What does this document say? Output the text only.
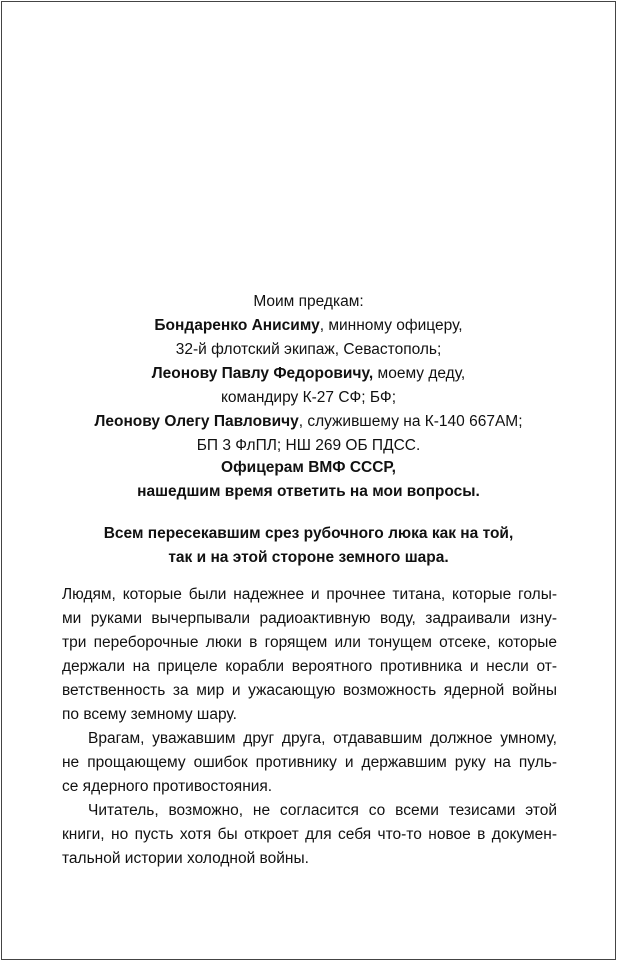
Моим предкам:
Бондаренко Анисиму, минному офицеру,
32-й флотский экипаж, Севастополь;
Леонову Павлу Федоровичу, моему деду,
командиру К-27 СФ; БФ;
Леонову Олегу Павловичу, служившему на К-140 667АМ;
БП 3 ФлПЛ; НШ 269 ОБ ПДСС.
Офицерам ВМФ СССР,
нашедшим время ответить на мои вопросы.
Всем пересекавшим срез рубочного люка как на той,
так и на этой стороне земного шара.
Людям, которые были надежнее и прочнее титана, которые голы-
ми руками вычерпывали радиоактивную воду, задраивали изну-
три переборочные люки в горящем или тонущем отсеке, которые
держали на прицеле корабли вероятного противника и несли от-
ветственность за мир и ужасающую возможность ядерной войны
по всему земному шару.
Врагам, уважавшим друг друга, отдававшим должное умному,
не прощающему ошибок противнику и державшим руку на пуль-
се ядерного противостояния.
Читатель, возможно, не согласится со всеми тезисами этой
книги, но пусть хотя бы откроет для себя что-то новое в докумен-
тальной истории холодной войны.
